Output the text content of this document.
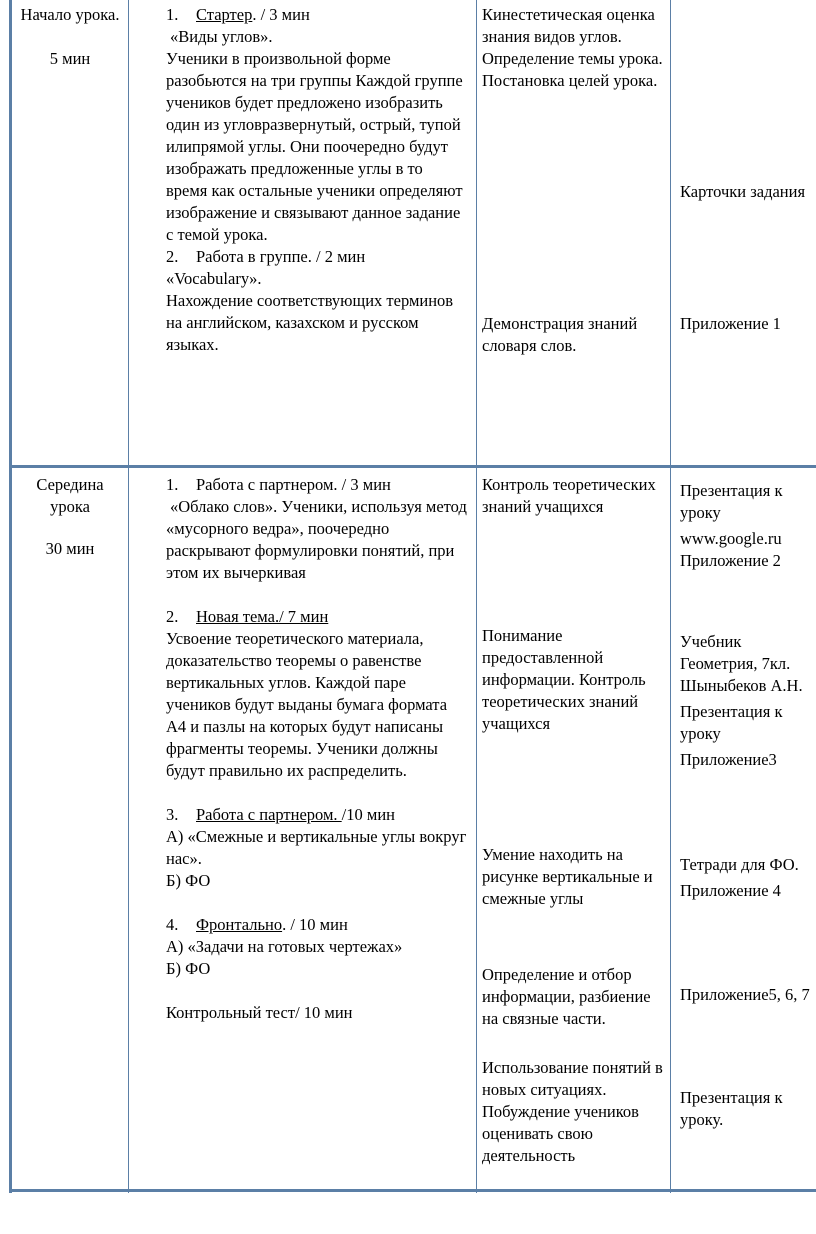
Начало урока.

5 мин

1. Стартер. / 3 мин

«Виды углов».

Ученики в произвольной форме разобьются на три группы Каждой группе учеников будет предложено изобразить один из угловразвернутый, острый, тупой илипрямой углы. Они поочередно будут изображать предложенные углы в то время как остальные ученики определяют изображение и связывают данное задание с темой урока.

2. Работа в группе. / 2 мин

«Vocabulary».

Нахождение соответствующих терминов на английском, казахском и русском языках.

Кинестетическая оценка знания видов углов. Определение темы урока. Постановка целей урока.

Демонстрация знаний словаря слов.

Карточки задания

Приложение 1

Середина урока

30 мин

1. Работа с партнером. / 3 мин

«Облако слов». Ученики, используя метод «мусорного ведра», поочередно раскрывают формулировки понятий, при этом их вычеркивая

2. Новая тема./ 7 мин

Усвоение теоретического материала, доказательство теоремы о равенстве вертикальных углов. Каждой паре учеников будут выданы бумага формата А4 и пазлы на которых будут написаны фрагменты теоремы. Ученики должны будут правильно их распределить.

3. Работа с партнером. /10 мин

А) «Смежные и вертикальные углы вокруг нас».

Б) ФО

4. Фронтально. / 10 мин

А) «Задачи на готовых чертежах»

Б) ФО

Контрольный тест/ 10 мин

Контроль теоретических знаний учащихся

Понимание предоставленной информации. Контроль теоретических знаний учащихся

Умение находить на рисунке вертикальные и смежные углы

Определение и отбор информации, разбиение на связные части.

Использование понятий в новых ситуациях. Побуждение учеников оценивать свою деятельность

Презентация к уроку

www.google.ru

Приложение 2

Учебник Геометрия, 7кл. Шыныбеков А.Н.

Презентация к уроку

Приложение3

Тетради для ФО.

Приложение 4

Приложение5, 6, 7

Презентация к уроку.
